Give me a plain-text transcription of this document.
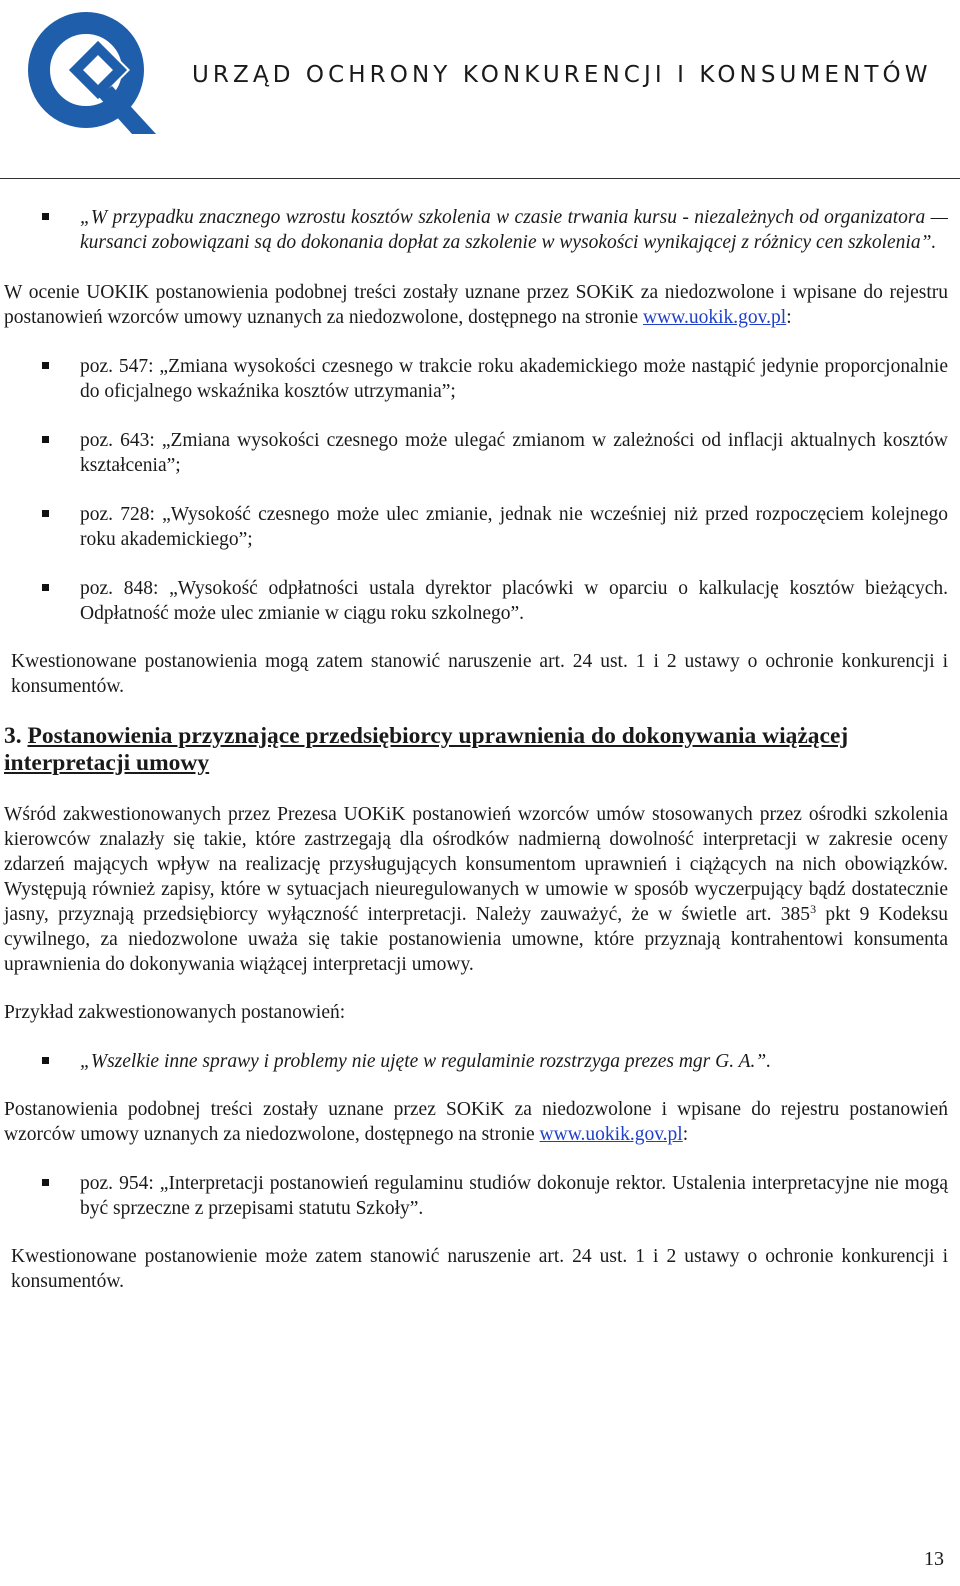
URZĄD OCHRONY KONKURENCJI I KONSUMENTÓW

„W przypadku znacznego wzrostu kosztów szkolenia w czasie trwania kursu - niezależnych od organizatora — kursanci zobowiązani są do dokonania dopłat za szkolenie w wysokości wynikającej z różnicy cen szkolenia”.

W ocenie UOKIK postanowienia podobnej treści zostały uznane przez SOKiK za niedozwolone i wpisane do rejestru postanowień wzorców umowy uznanych za niedozwolone, dostępnego na stronie www.uokik.gov.pl:

poz. 547: „Zmiana wysokości czesnego w trakcie roku akademickiego może nastąpić jedynie proporcjonalnie do oficjalnego wskaźnika kosztów utrzymania”;

poz. 643: „Zmiana wysokości czesnego może ulegać zmianom w zależności od inflacji aktualnych kosztów kształcenia”;

poz. 728: „Wysokość czesnego może ulec zmianie, jednak nie wcześniej niż przed rozpoczęciem kolejnego roku akademickiego”;

poz. 848: „Wysokość odpłatności ustala dyrektor placówki w oparciu o kalkulację kosztów bieżących. Odpłatność może ulec zmianie w ciągu roku szkolnego”.

Kwestionowane postanowienia mogą zatem stanowić naruszenie art. 24 ust. 1 i 2 ustawy o ochronie konkurencji i konsumentów.

3. Postanowienia przyznające przedsiębiorcy uprawnienia do dokonywania wiążącej interpretacji umowy

Wśród zakwestionowanych przez Prezesa UOKiK postanowień wzorców umów stosowanych przez ośrodki szkolenia kierowców znalazły się takie, które zastrzegają dla ośrodków nadmierną dowolność interpretacji w zakresie oceny zdarzeń mających wpływ na realizację przysługujących konsumentom uprawnień i ciążących na nich obowiązków. Występują również zapisy, które w sytuacjach nieuregulowanych w umowie w sposób wyczerpujący bądź dostatecznie jasny, przyznają przedsiębiorcy wyłączność interpretacji. Należy zauważyć, że w świetle art. $385^3$ pkt 9 Kodeksu cywilnego, za niedozwolone uważa się takie postanowienia umowne, które przyznają kontrahentowi konsumenta uprawnienia do dokonywania wiążącej interpretacji umowy.

Przykład zakwestionowanych postanowień:

„Wszelkie inne sprawy i problemy nie ujęte w regulaminie rozstrzyga prezes mgr G. A.”.

Postanowienia podobnej treści zostały uznane przez SOKiK za niedozwolone i wpisane do rejestru postanowień wzorców umowy uznanych za niedozwolone, dostępnego na stronie www.uokik.gov.pl:

poz. 954: „Interpretacji postanowień regulaminu studiów dokonuje rektor. Ustalenia interpretacyjne nie mogą być sprzeczne z przepisami statutu Szkoły”.

Kwestionowane postanowienie może zatem stanowić naruszenie art. 24 ust. 1 i 2 ustawy o ochronie konkurencji i konsumentów.

13
